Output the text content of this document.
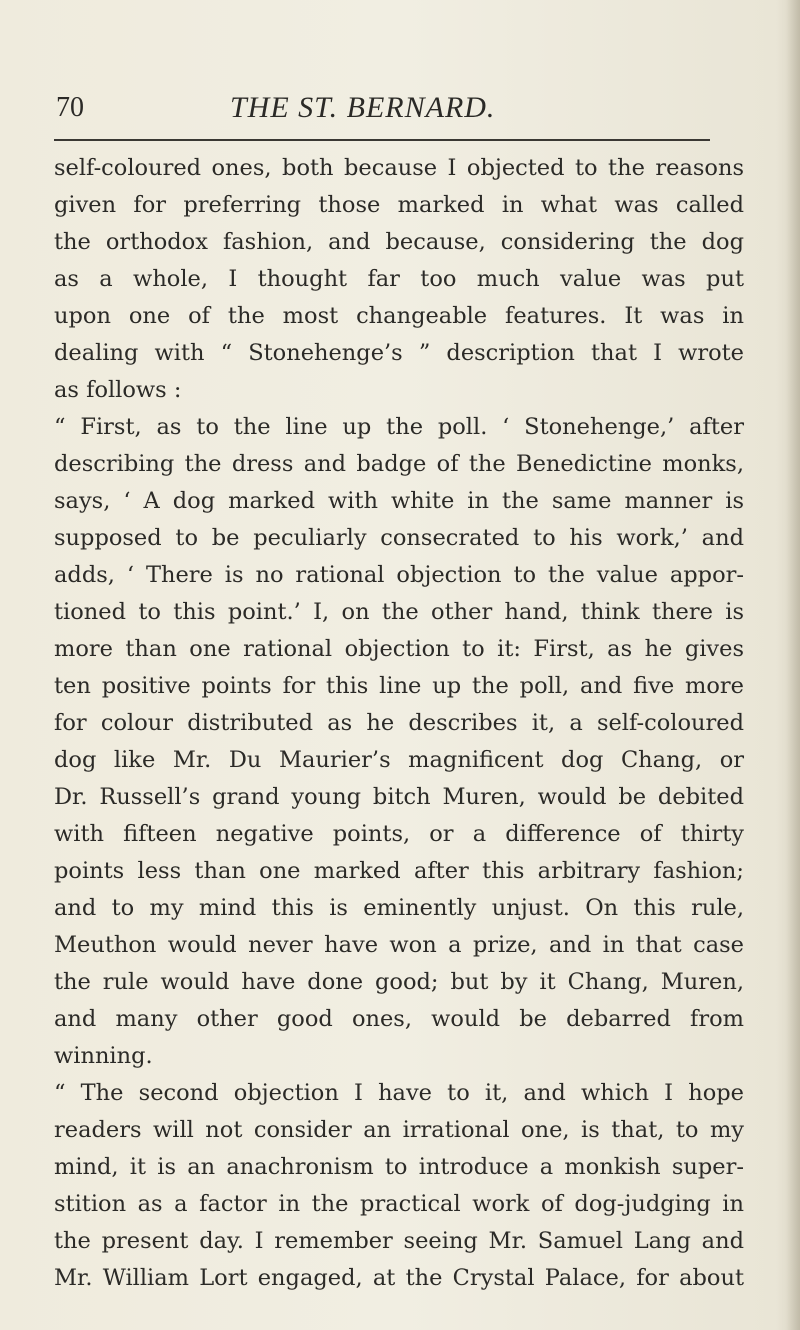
70	THE ST. BERNARD.
self-coloured ones, both because I objected to the reasons
given for preferring those marked in what was called
the orthodox fashion, and because, considering the dog
as a whole, I thought far too much value was put
upon one of the most changeable features. It was in
dealing with “ Stonehenge’s ” description that I wrote
as follows :
“ First, as to the line up the poll. ‘ Stonehenge,’ after
describing the dress and badge of the Benedictine monks,
says, ‘ A dog marked with white in the same manner is
supposed to be peculiarly consecrated to his work,’ and
adds, ‘ There is no rational objection to the value appor-
tioned to this point.’ I, on the other hand, think there is
more than one rational objection to it: First, as he gives
ten positive points for this line up the poll, and five more
for colour distributed as he describes it, a self-coloured
dog like Mr. Du Maurier’s magnificent dog Chang, or
Dr. Russell’s grand young bitch Muren, would be debited
with fifteen negative points, or a difference of thirty
points less than one marked after this arbitrary fashion;
and to my mind this is eminently unjust. On this rule,
Meuthon would never have won a prize, and in that case
the rule would have done good; but by it Chang, Muren,
and many other good ones, would be debarred from
winning.
“ The second objection I have to it, and which I hope
readers will not consider an irrational one, is that, to my
mind, it is an anachronism to introduce a monkish super-
stition as a factor in the practical work of dog-judging in
the present day. I remember seeing Mr. Samuel Lang and
Mr. William Lort engaged, at the Crystal Palace, for about
